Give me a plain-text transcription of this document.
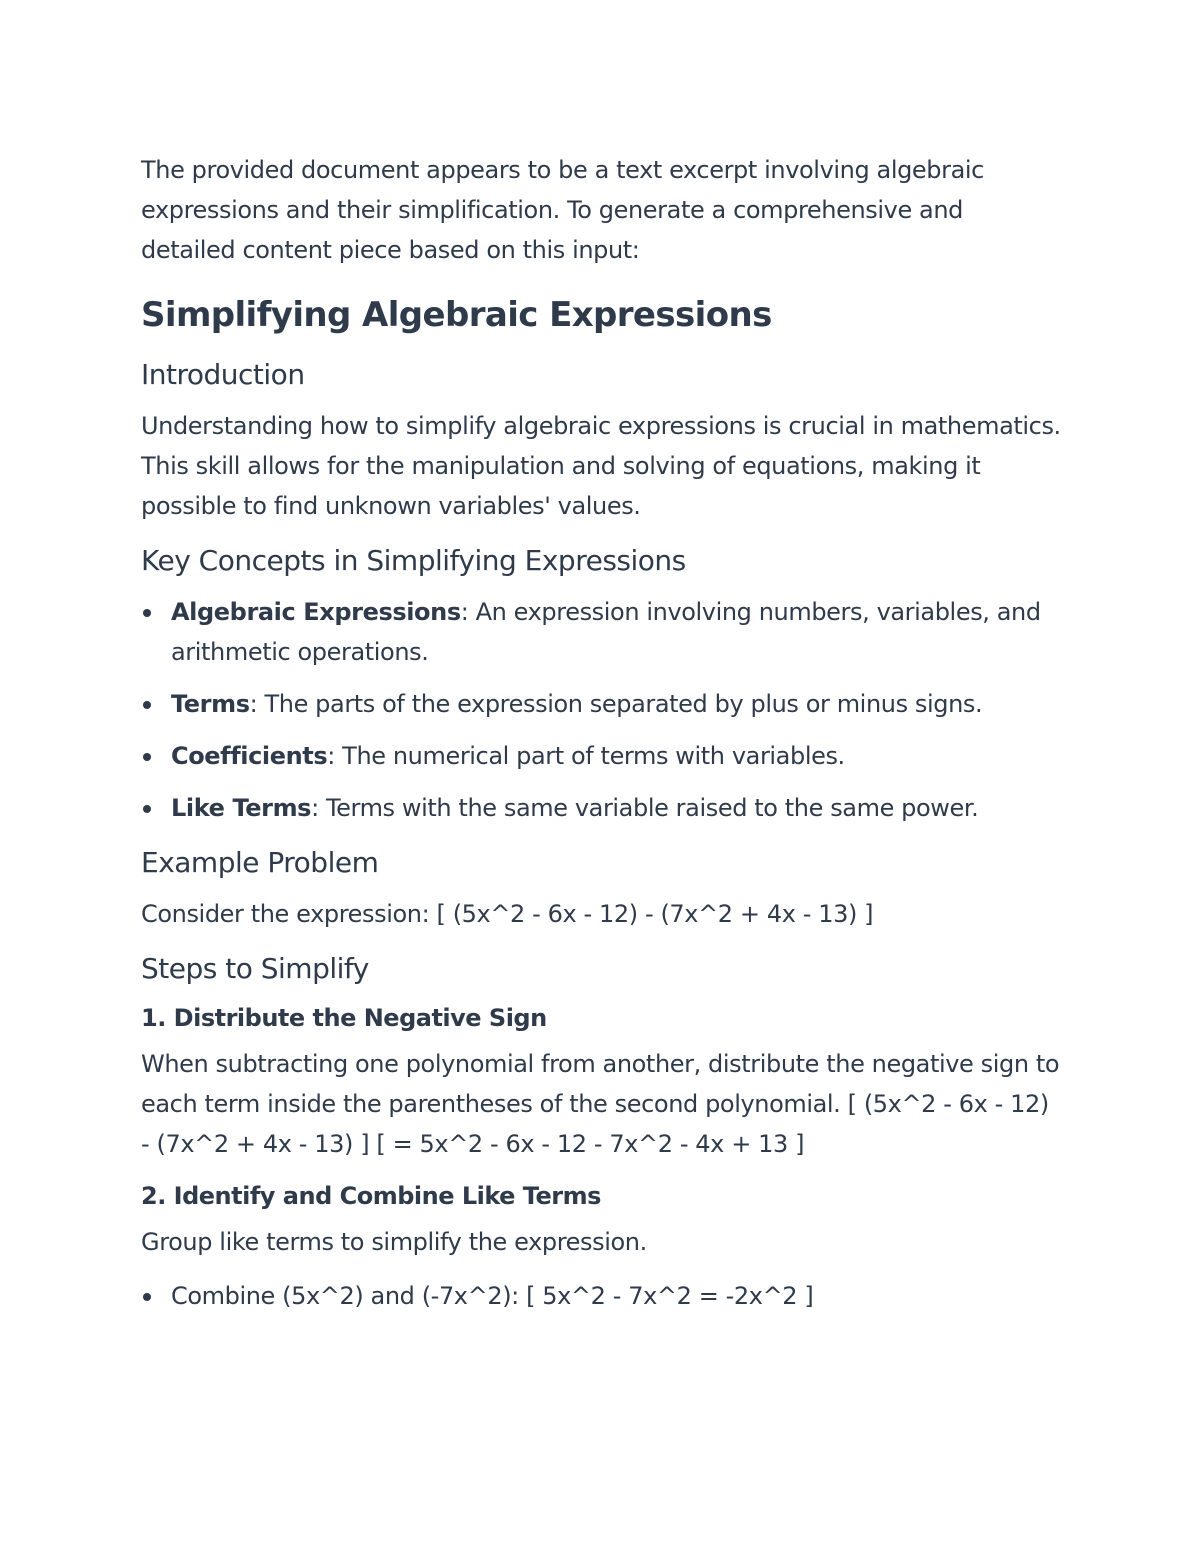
The provided document appears to be a text excerpt involving algebraic expressions and their simplification. To generate a comprehensive and detailed content piece based on this input:

Simplifying Algebraic Expressions
Introduction

Understanding how to simplify algebraic expressions is crucial in mathematics. This skill allows for the manipulation and solving of equations, making it possible to find unknown variables' values.

Key Concepts in Simplifying Expressions
Algebraic Expressions: An expression involving numbers, variables, and arithmetic operations.
Terms: The parts of the expression separated by plus or minus signs.
Coefficients: The numerical part of terms with variables.
Like Terms: Terms with the same variable raised to the same power.
Example Problem

Consider the expression: [ (5x^2 - 6x - 12) - (7x^2 + 4x - 13) ]

Steps to Simplify
1. Distribute the Negative Sign

When subtracting one polynomial from another, distribute the negative sign to each term inside the parentheses of the second polynomial. [ (5x^2 - 6x - 12) - (7x^2 + 4x - 13) ] [ = 5x^2 - 6x - 12 - 7x^2 - 4x + 13 ]

2. Identify and Combine Like Terms

Group like terms to simplify the expression.

Combine (5x^2) and (-7x^2): [ 5x^2 - 7x^2 = -2x^2 ]
